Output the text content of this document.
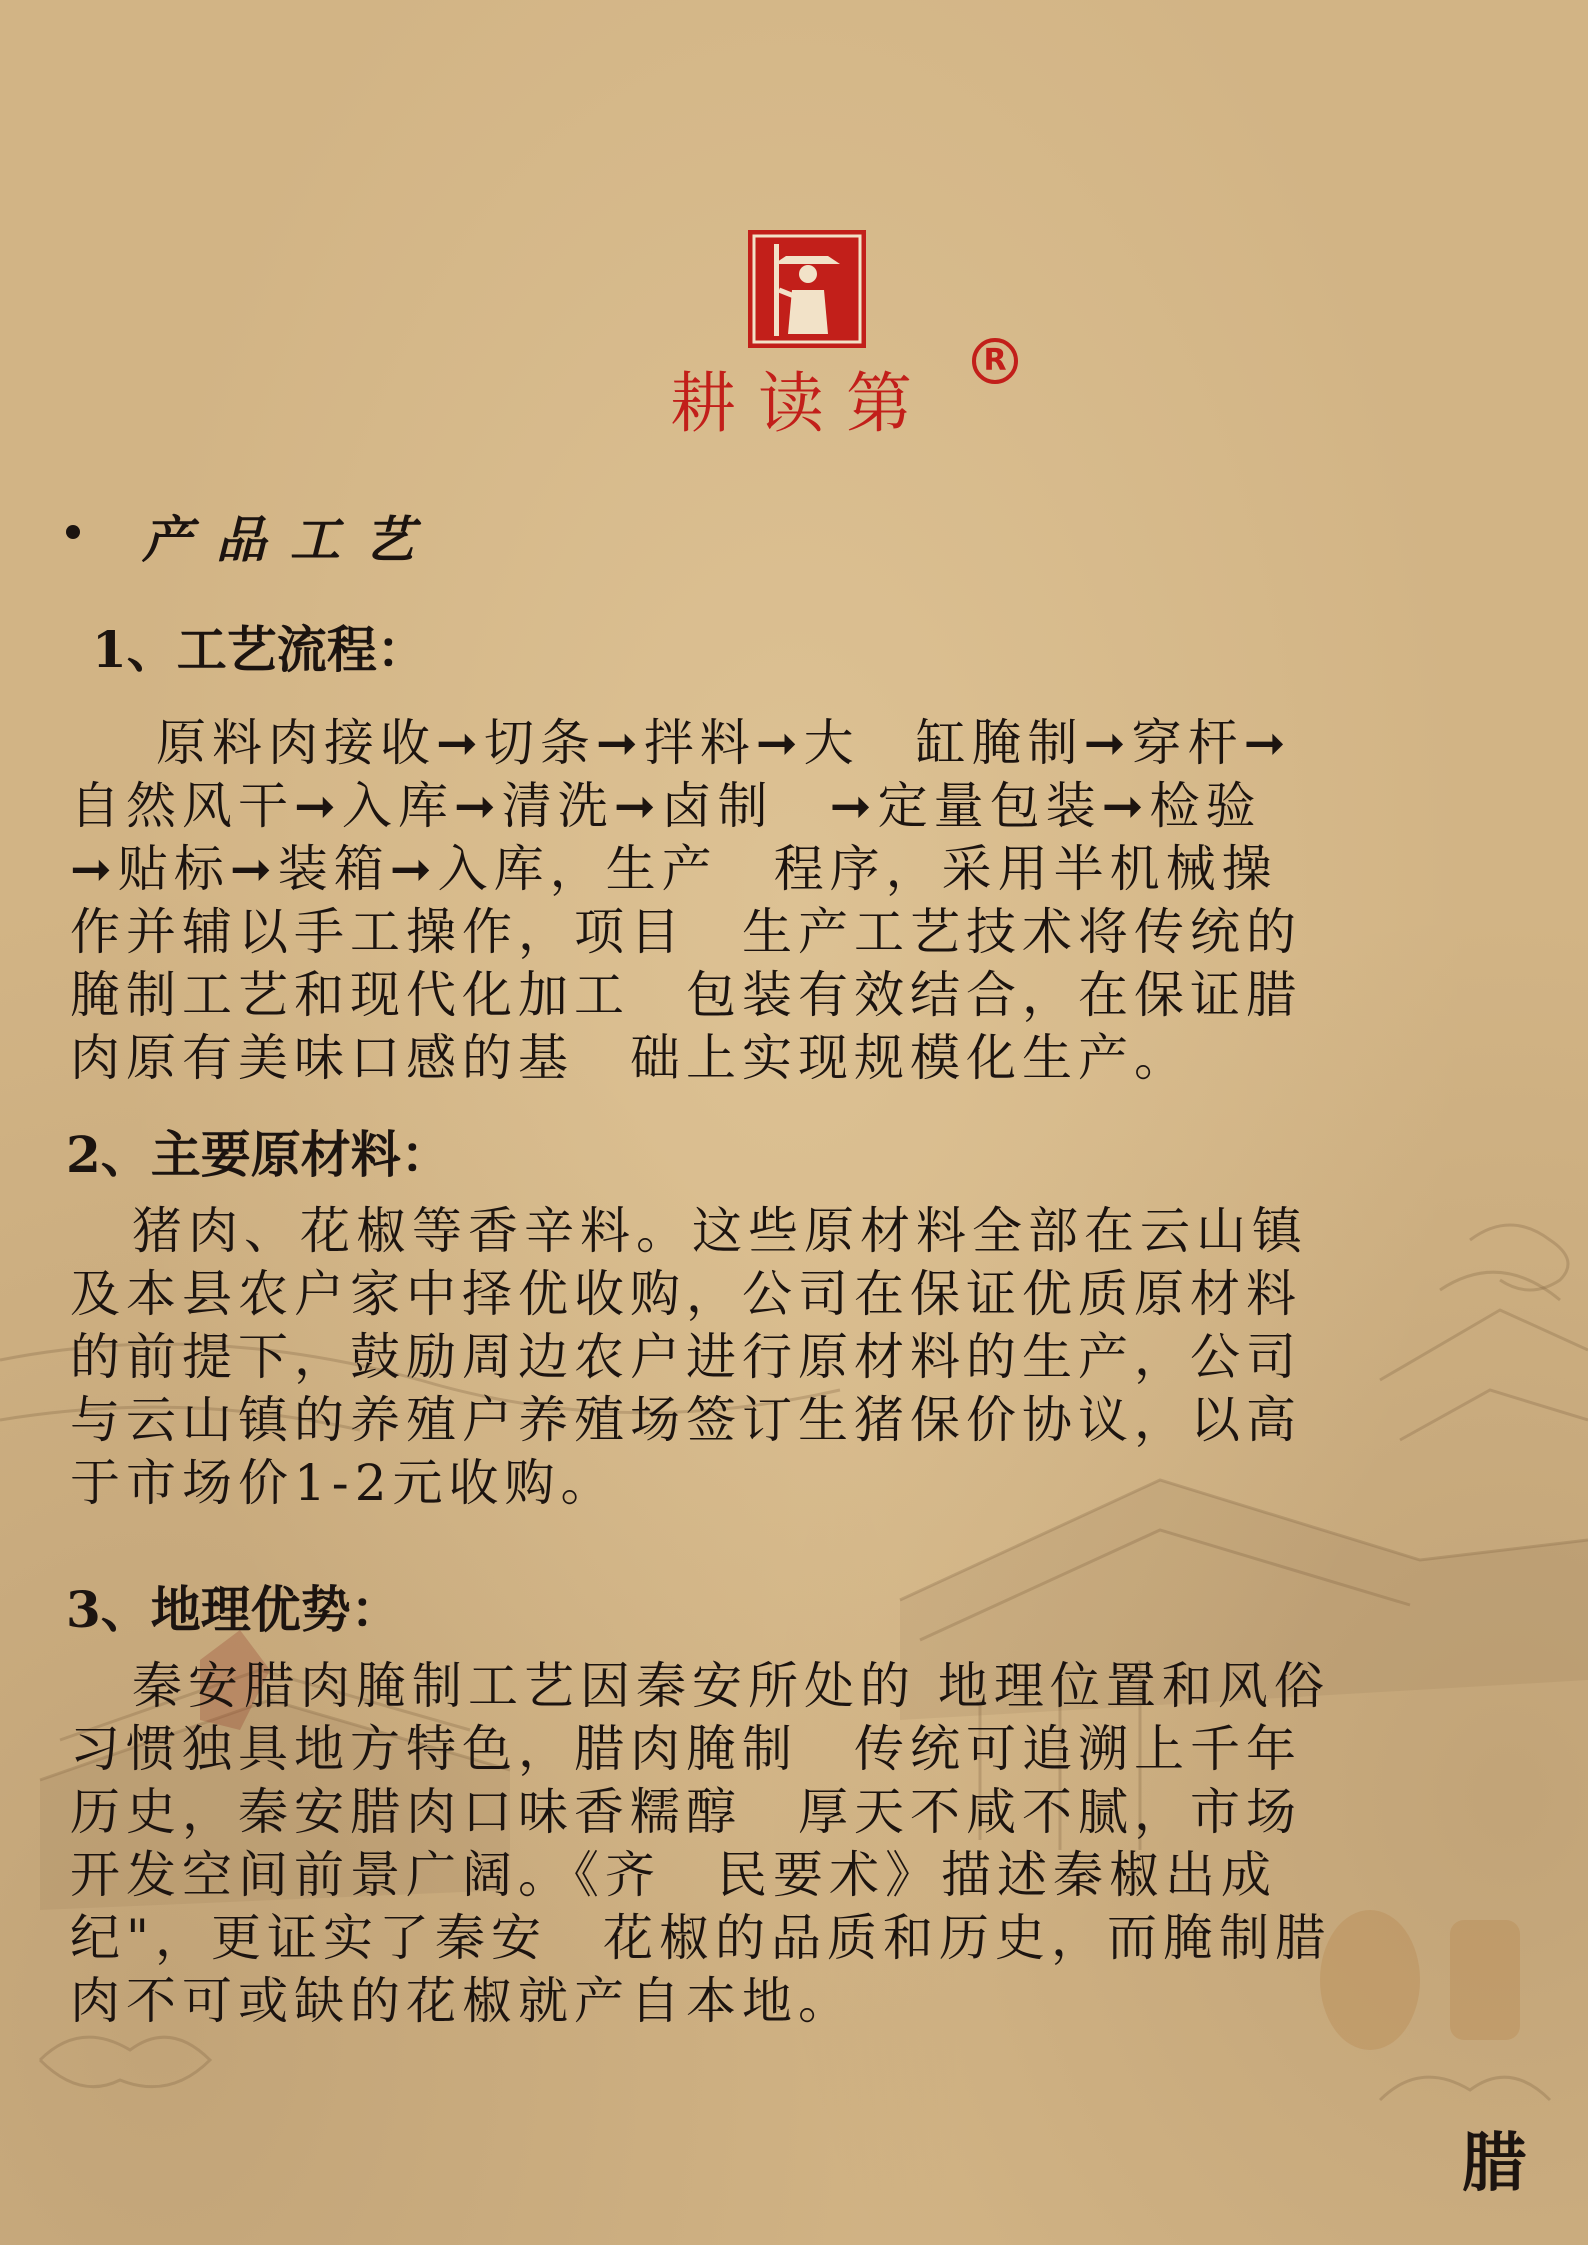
耕读第
R
产品工艺
1、工艺流程：
原料肉接收➞切条➞拌料➞大　缸腌制➞穿杆➞
自然风干➞入库➞清洗➞卤制　➞定量包装➞检验
➞贴标➞装箱➞入库，生产　程序，采用半机械操
作并辅以手工操作，项目　生产工艺技术将传统的
腌制工艺和现代化加工　包装有效结合，在保证腊
肉原有美味口感的基　础上实现规模化生产。
2、主要原材料：
猪肉、花椒等香辛料。这些原材料全部在云山镇
及本县农户家中择优收购，公司在保证优质原材料
的前提下，鼓励周边农户进行原材料的生产，公司
与云山镇的养殖户养殖场签订生猪保价协议，以高
于市场价1-2元收购。
3、地理优势：
秦安腊肉腌制工艺因秦安所处的 地理位置和风俗
习惯独具地方特色，腊肉腌制　传统可追溯上千年
历史，秦安腊肉口味香糯醇　厚天不咸不腻，市场
开发空间前景广阔。《齐　民要术》描述秦椒出成
纪"，更证实了秦安　花椒的品质和历史，而腌制腊
肉不可或缺的花椒就产自本地。
腊
